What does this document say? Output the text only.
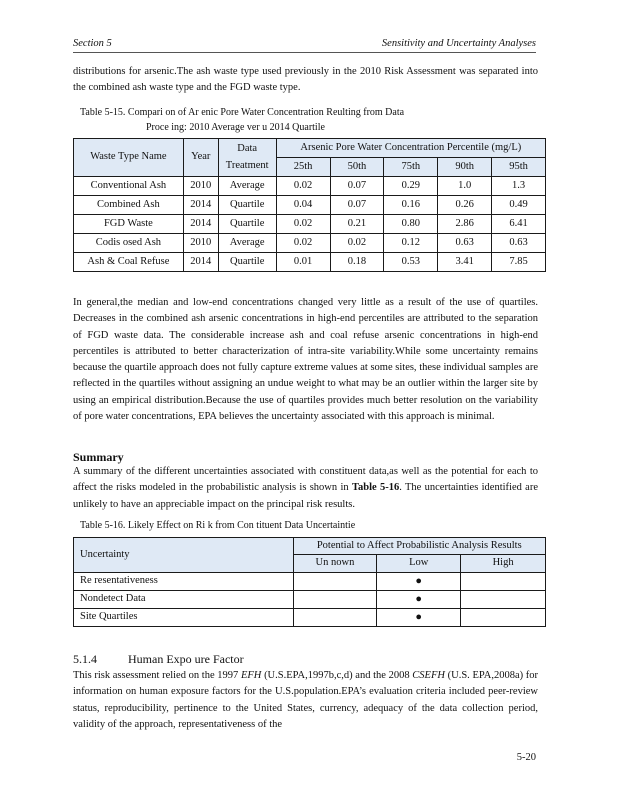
Section 5	Sensitivity and Uncertainty Analyses

distributions for arsenic.The ash waste type used previously in the 2010 Risk Assessment was separated into the combined ash waste type and the FGD waste type.

Table 5-15. Compari on of Ar enic Pore Water Concentration Reulting from Data
Proce ing: 2010 Average ver u 2014 Quartile
Waste Type Name	Year	Data Treatment	Arsenic Pore Water Concentration Percentile (mg/L)				
			25th	50th	75th	90th	95th
Conventional Ash	2010	Average	0.02	0.07	0.29	1.0	1.3
Combined Ash	2014	Quartile	0.04	0.07	0.16	0.26	0.49
FGD Waste	2014	Quartile	0.02	0.21	0.80	2.86	6.41
Codis osed Ash	2010	Average	0.02	0.02	0.12	0.63	0.63
Ash & Coal Refuse	2014	Quartile	0.01	0.18	0.53	3.41	7.85

In general,the median and low-end concentrations changed very little as a result of the use of quartiles. Decreases in the combined ash arsenic concentrations in high-end percentiles are attributed to the separation of FGD waste data. The considerable increase ash and coal refuse arsenic concentrations in high-end percentiles is attributed to better characterization of intra-site variability.While some uncertainty remains because the quartile approach does not fully capture extreme values at some sites, these individual samples are reflected in the quartiles without assigning an undue weight to what may be an outlier within the larger site by using an empirical distribution.Because the use of quartiles provides much better resolution on the variability of pore water concentrations, EPA believes the uncertainty associated with this approach is minimal.

Summary

A summary of the different uncertainties associated with constituent data,as well as the potential for each to affect the risks modeled in the probabilistic analysis is shown in Table 5-16. The uncertainties identified are unlikely to have an appreciable impact on the principal risk results.

Table 5-16. Likely Effect on Ri k from Con tituent Data Uncertaintie
Uncertainty	Potential to Affect Probabilistic Analysis Results		
	Un nown	Low	High
Re resentativeness		●	
Nondetect Data		●	
Site Quartiles		●	
5.1.4	Human Expo ure Factor

This risk assessment relied on the 1997 EFH (U.S.EPA,1997b,c,d) and the 2008 CSEFH (U.S. EPA,2008a) for information on human exposure factors for the U.S.population.EPA’s evaluation criteria included peer-review status, reproducibility, pertinence to the United States, currency, adequacy of the data collection period, validity of the approach, representativeness of the

5-20
